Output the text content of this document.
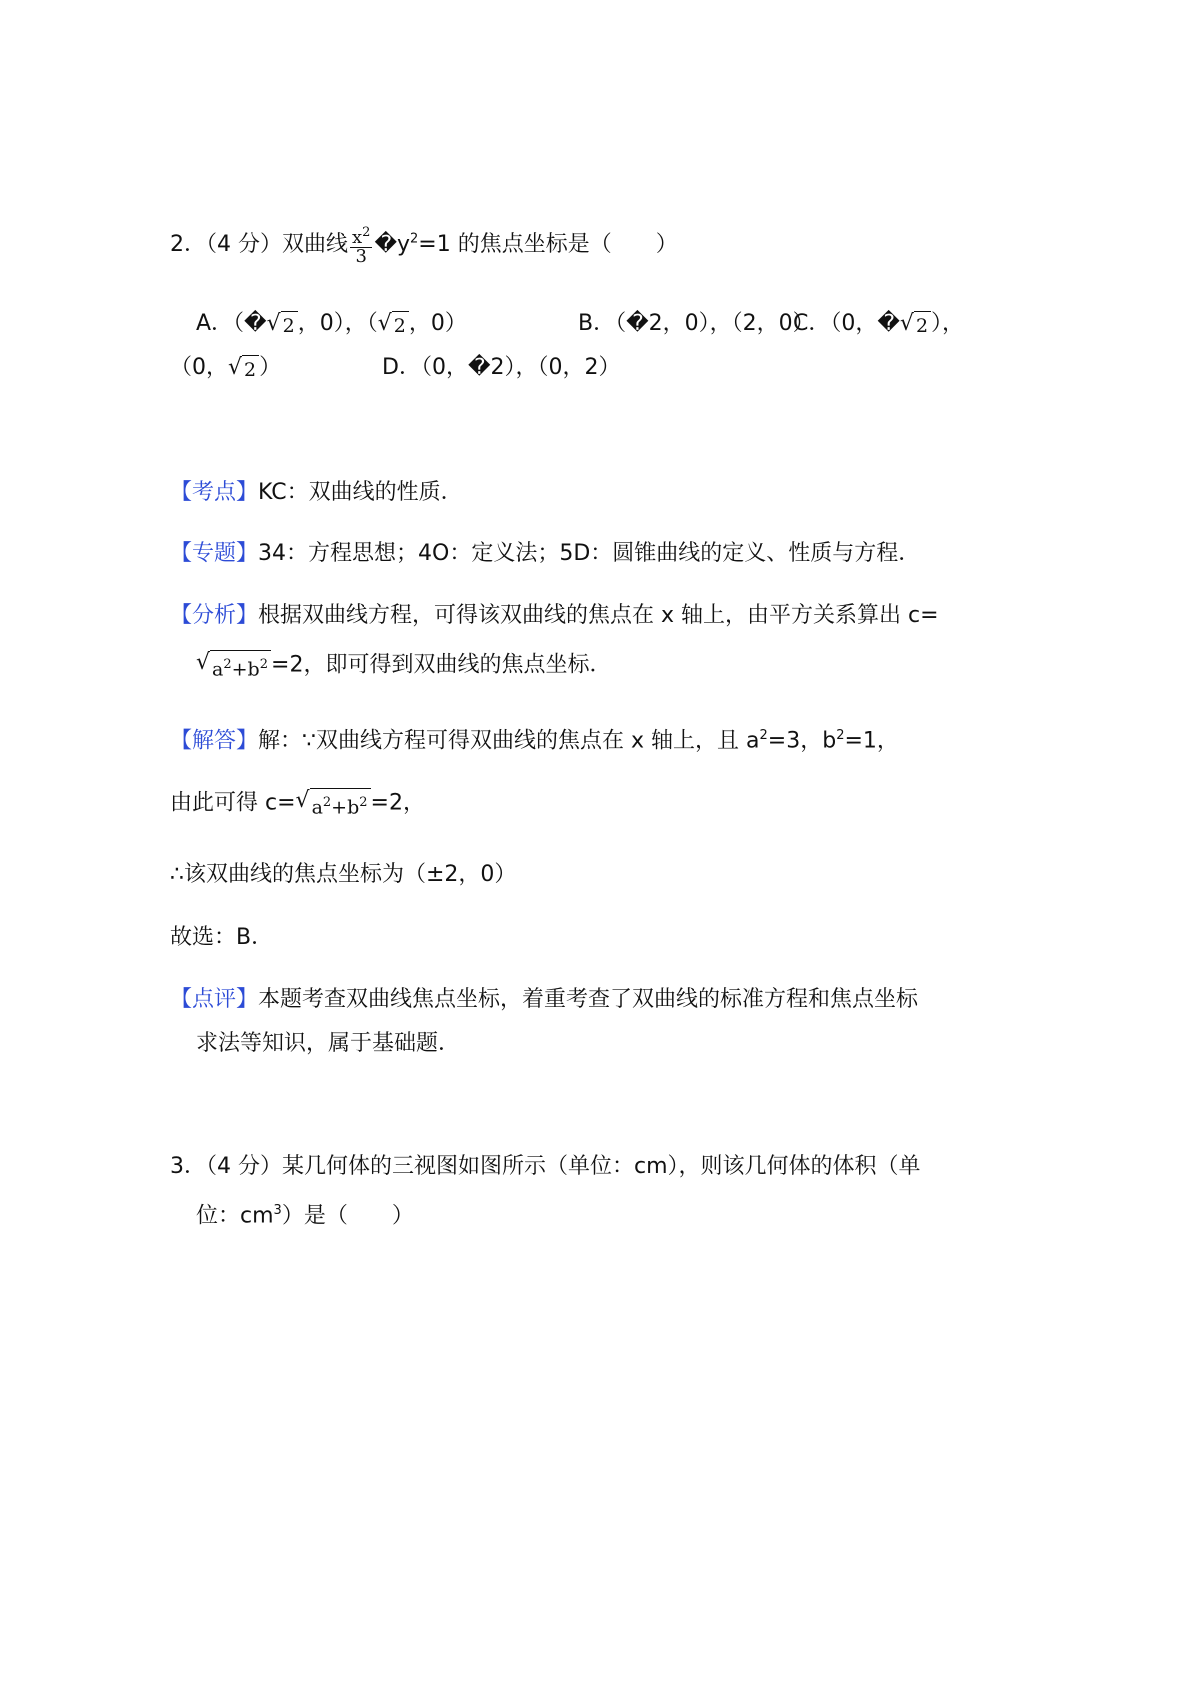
2．（4 分）双曲线 $\frac{x^2}{3}$ $�y^2=1$ 的焦点坐标是（　　）
A．（� √ 2 ，0），（ √ 2 ，0）	B．（�2，0），（2，0）
C．（0，� √ 2 ），
（0， √ 2 ）	D．（0，�2），（0，2）
【考点】KC：双曲线的性质．
【专题】34：方程思想；4O：定义法；5D：圆锥曲线的定义、性质与方程．
【分析】根据双曲线方程，可得该双曲线的焦点在 x 轴上，由平方关系算出 c=
√ $a^2+b^2 =2$，即可得到双曲线的焦点坐标．
【解答】解：∵双曲线方程可得双曲线的焦点在 x 轴上，且 $a^2=3$，$b^2=1$，
由此可得 c= √ $a^2+b^2 =2$，
∴该双曲线的焦点坐标为（±2，0）
故选：B．
【点评】本题考查双曲线焦点坐标，着重考查了双曲线的标准方程和焦点坐标
求法等知识，属于基础题．
3．（4 分）某几何体的三视图如图所示（单位：cm），则该几何体的体积（单
位：$cm^3$）是（　　）
